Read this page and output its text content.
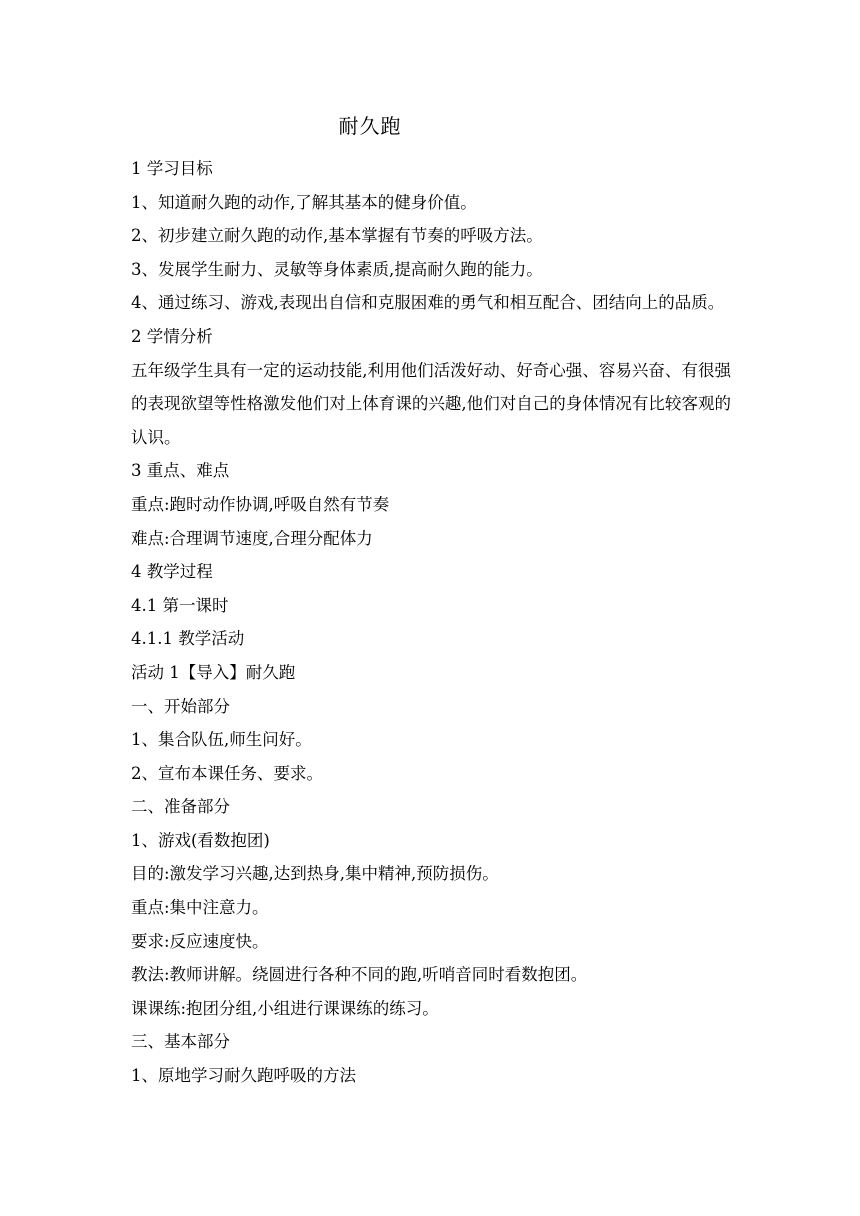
耐久跑
1 学习目标
1、知道耐久跑的动作,了解其基本的健身价值。
2、初步建立耐久跑的动作,基本掌握有节奏的呼吸方法。
3、发展学生耐力、灵敏等身体素质,提高耐久跑的能力。
4、通过练习、游戏,表现出自信和克服困难的勇气和相互配合、团结向上的品质。
2 学情分析
五年级学生具有一定的运动技能,利用他们活泼好动、好奇心强、容易兴奋、有很强的表现欲望等性格激发他们对上体育课的兴趣,他们对自己的身体情况有比较客观的认识。
3 重点、难点
重点:跑时动作协调,呼吸自然有节奏
难点:合理调节速度,合理分配体力
4 教学过程
4.1 第一课时
4.1.1 教学活动
活动 1【导入】耐久跑
一、开始部分
1、集合队伍,师生问好。
2、宣布本课任务、要求。
二、准备部分
1、游戏(看数抱团)
目的:激发学习兴趣,达到热身,集中精神,预防损伤。
重点:集中注意力。
要求:反应速度快。
教法:教师讲解。绕圆进行各种不同的跑,听哨音同时看数抱团。
课课练:抱团分组,小组进行课课练的练习。
三、基本部分
1、原地学习耐久跑呼吸的方法
